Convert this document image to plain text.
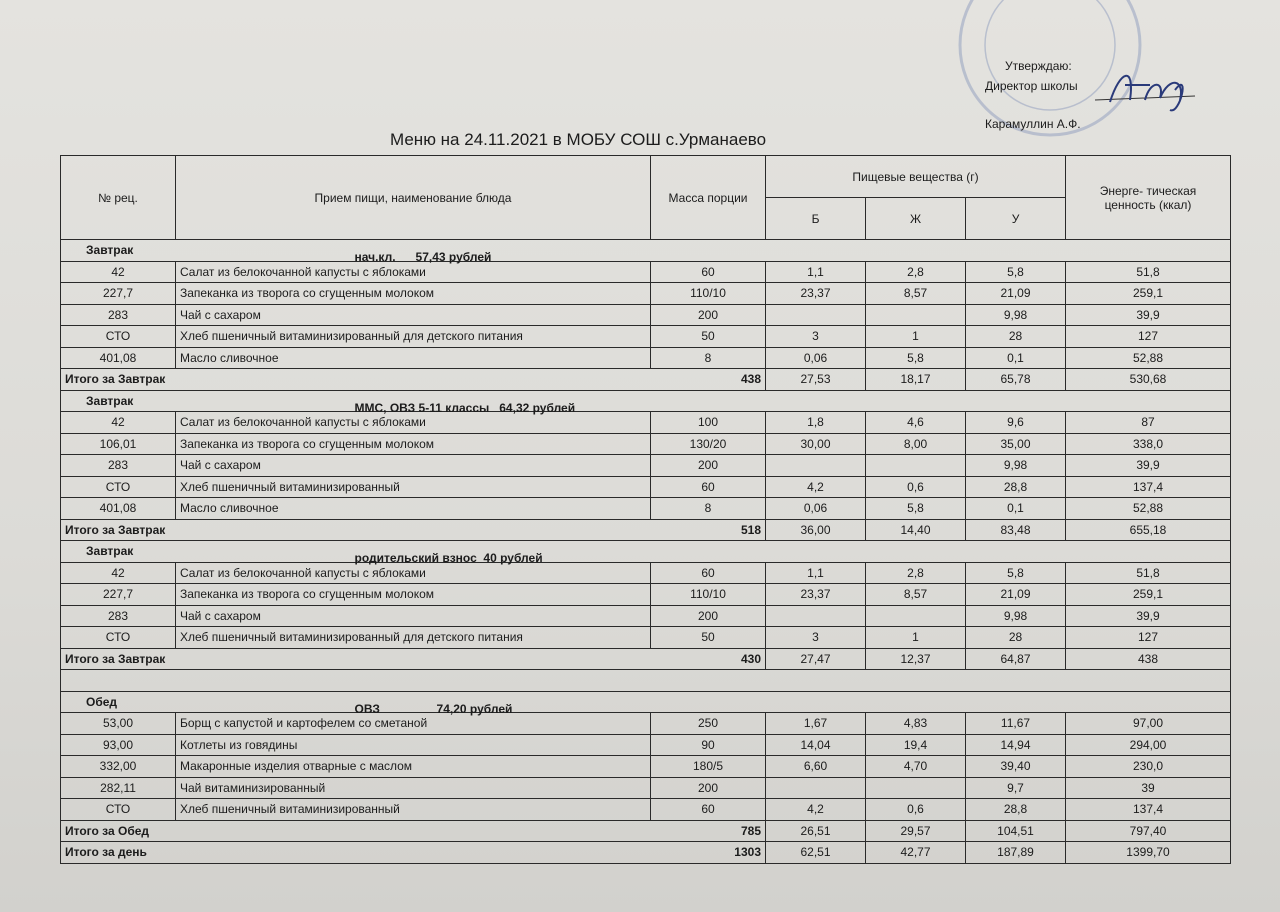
Утверждаю:
Директор школы
Карамуллин А.Ф.
Меню на 24.11.2021 в МОБУ СОШ с.Урманаево
№ рец.	Прием пищи, наименование блюда	Масса порции	Пищевые вещества (г)			Энерге- тическая ценность (ккал)
			Б	Ж	У	
Завтрак		нач.кл.      57,43 рублей				

42	Салат из белокочанной капусты с яблоками	60	1,1	2,8	5,8	51,8
227,7	Запеканка из творога со сгущенным молоком	110/10	23,37	8,57	21,09	259,1
283	Чай с сахаром	200			9,98	39,9
СТО	Хлеб пшеничный витаминизированный для детского питания	50	3	1	28	127
401,08	Масло сливочное	8	0,06	5,8	0,1	52,88
Итого за Завтрак		438	27,53	18,17	65,78	530,68
Завтрак		ММС, ОВЗ 5-11 классы   64,32 рублей				

42	Салат из белокочанной капусты с яблоками	100	1,8	4,6	9,6	87
106,01	Запеканка из творога со сгущенным молоком	130/20	30,00	8,00	35,00	338,0
283	Чай с сахаром	200			9,98	39,9
СТО	Хлеб пшеничный витаминизированный	60	4,2	0,6	28,8	137,4
401,08	Масло сливочное	8	0,06	5,8	0,1	52,88
Итого за Завтрак		518	36,00	14,40	83,48	655,18
Завтрак		родительский взнос  40 рублей				

42	Салат из белокочанной капусты с яблоками	60	1,1	2,8	5,8	51,8
227,7	Запеканка из творога со сгущенным молоком	110/10	23,37	8,57	21,09	259,1
283	Чай с сахаром	200			9,98	39,9
СТО	Хлеб пшеничный витаминизированный для детского питания	50	3	1	28	127
Итого за Завтрак		430	27,47	12,37	64,87	438

Обед		ОВЗ                 74,20 рублей				

53,00	Борщ с капустой и картофелем со сметаной	250	1,67	4,83	11,67	97,00
93,00	Котлеты из говядины	90	14,04	19,4	14,94	294,00
332,00	Макаронные изделия отварные с маслом	180/5	6,60	4,70	39,40	230,0
282,11	Чай витаминизированный	200			9,7	39
СТО	Хлеб пшеничный витаминизированный	60	4,2	0,6	28,8	137,4
Итого за Обед		785	26,51	29,57	104,51	797,40
Итого за день		1303	62,51	42,77	187,89	1399,70
